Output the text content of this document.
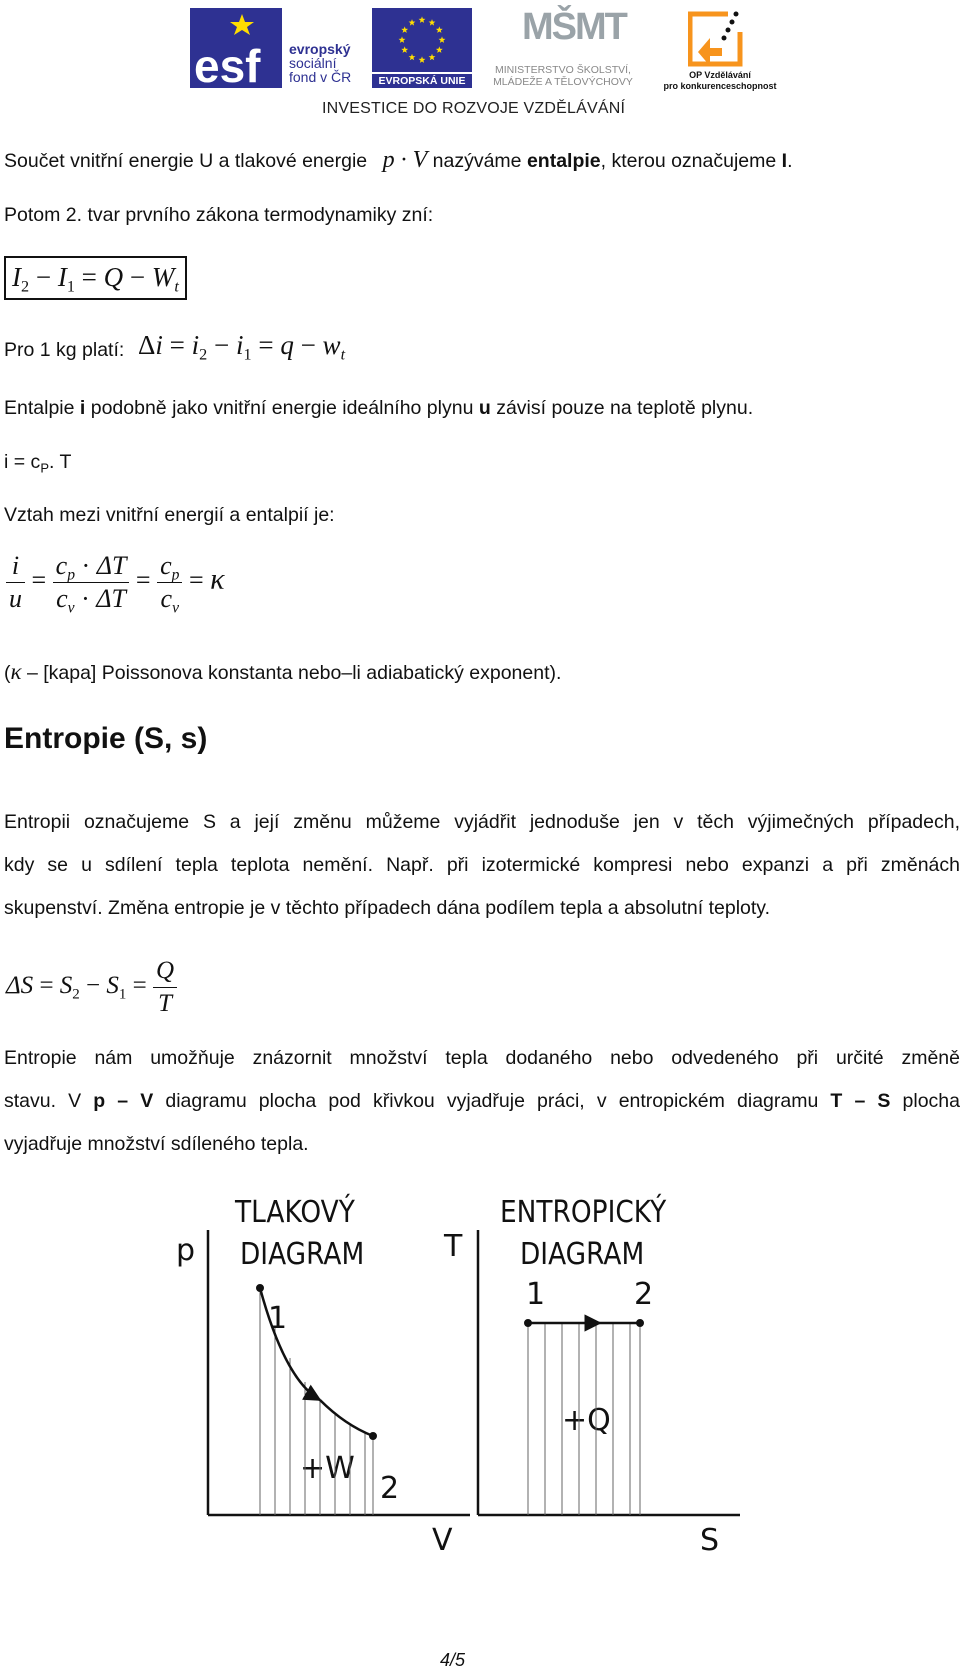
esf evropský
sociální
fond v ČR	EVROPSKÁ UNIE
MŠMT
MINISTERSTVO ŠKOLSTVÍ,
MLÁDEŽE A TĚLOVÝCHOVY
OP Vzdělávání
pro konkurenceschopnost
INVESTICE DO ROZVOJE VZDĚLÁVÁNÍ
Součet vnitřní energie U a tlakové energie p · V nazýváme entalpie, kterou označujeme I.
Potom 2. tvar prvního zákona termodynamiky zní:
$I_2 - I_1 = Q - W_t$
Pro 1 kg platí: $\Delta i = i_2 - i_1 = q - w_t$
Entalpie i podobně jako vnitřní energie ideálního plynu u závisí pouze na teplotě plynu.
$i = c_P$. T
Vztah mezi vnitřní energií a entalpií je:
$\frac{i}{u} = \frac{c_p \cdot \Delta T}{c_v \cdot \Delta T} = \frac{c_p}{c_v} = \kappa$
(κ – [kapa] Poissonova konstanta nebo–li adiabatický exponent).
Entropie (S, s)
Entropii označujeme S a její změnu můžeme vyjádřit jednoduše jen v těch výjimečných případech,
kdy se u sdílení tepla teplota nemění. Např. při izotermické kompresi nebo expanzi a při změnách
skupenství. Změna entropie je v těchto případech dána podílem tepla a absolutní teploty.
$\Delta S = S_2 - S_1 = \frac{Q}{T}$
Entropie nám umožňuje znázornit množství tepla dodaného nebo odvedeného při určité změně
stavu. V p – V diagramu plocha pod křivkou vyjadřuje práci, v entropickém diagramu T – S plocha
vyjadřuje množství sdíleného tepla.
TLAKOVÝ
DIAGRAM
p
V
1
2
+W
ENTROPICKÝ
DIAGRAM
T
S
1	2
+Q
4/5
